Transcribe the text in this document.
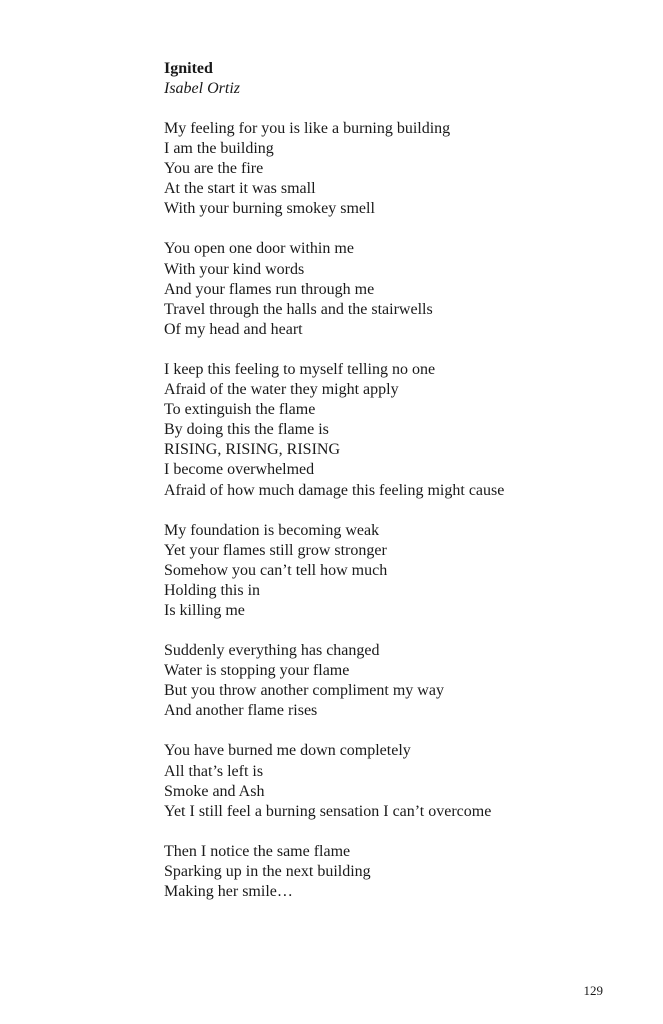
Ignited
Isabel Ortiz
My feeling for you is like a burning building
I am the building
You are the fire
At the start it was small
With your burning smokey smell
You open one door within me
With your kind words
And your flames run through me
Travel through the halls and the stairwells
Of my head and heart
I keep this feeling to myself telling no one
Afraid of the water they might apply
To extinguish the flame
By doing this the flame is
RISING, RISING, RISING
I become overwhelmed
Afraid of how much damage this feeling might cause
My foundation is becoming weak
Yet your flames still grow stronger
Somehow you can’t tell how much
Holding this in
Is killing me
Suddenly everything has changed
Water is stopping your flame
But you throw another compliment my way
And another flame rises
You have burned me down completely
All that’s left is
Smoke and Ash
Yet I still feel a burning sensation I can’t overcome
Then I notice the same flame
Sparking up in the next building
Making her smile…
129
